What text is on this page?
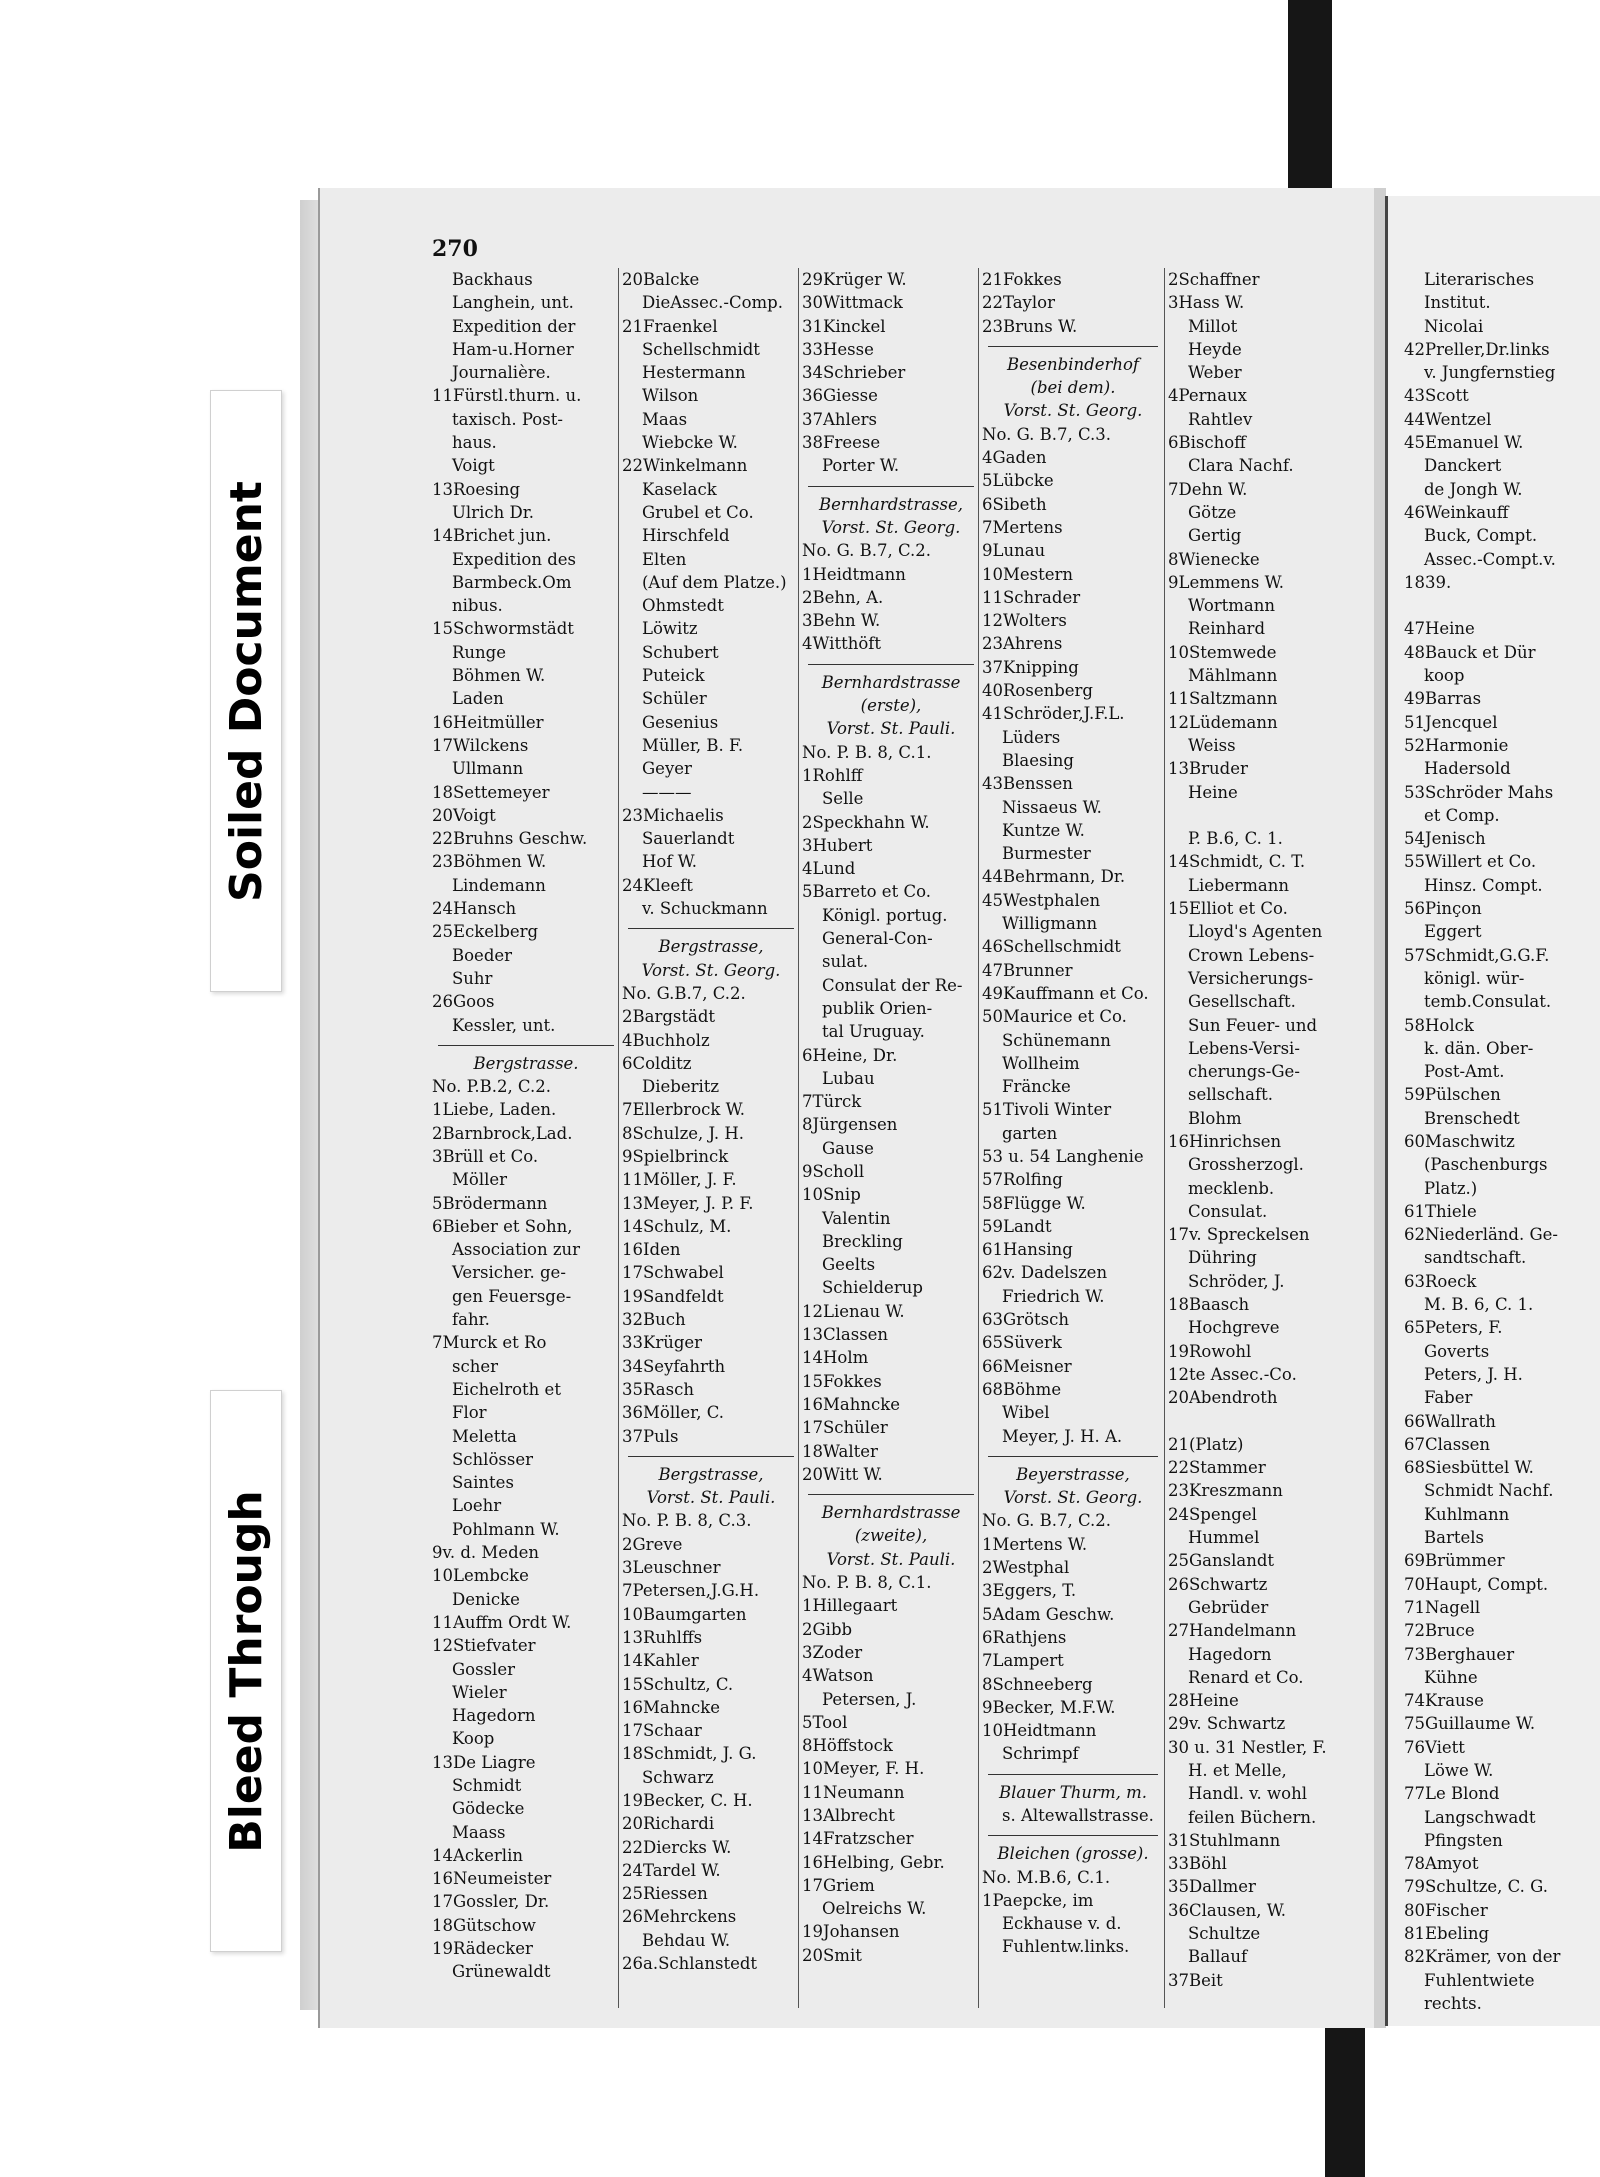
Soiled Document
Bleed Through
270
Backhaus
Langhein, unt.
Expedition der
Ham-u.Horner
Journalière.
11Fürstl.thurn. u.
taxisch. Post-
haus.
Voigt
13Roesing
Ulrich Dr.
14Brichet jun.
Expedition des
Barmbeck.Om
nibus.
15Schwormstädt
Runge
Böhmen W.
Laden
16Heitmüller
17Wilckens
Ullmann
18Settemeyer
20Voigt
22Bruhns Geschw.
23Böhmen W.
Lindemann
24Hansch
25Eckelberg
Boeder
Suhr
26Goos
Kessler, unt.
Bergstrasse.
No. P.B.2, C.2.
1Liebe, Laden.
2Barnbrock,Lad.
3Brüll et Co.
Möller
5Brödermann
6Bieber et Sohn,
Association zur
Versicher. ge-
gen Feuersge-
fahr.
7Murck et Ro
scher
Eichelroth et
Flor
Meletta
Schlösser
Saintes
Loehr
Pohlmann W.
9v. d. Meden
10Lembcke
Denicke
11Auffm Ordt W.
12Stiefvater
Gossler
Wieler
Hagedorn
Koop
13De Liagre
Schmidt
Gödecke
Maass
14Ackerlin
16Neumeister
17Gossler, Dr.
18Gütschow
19Rädecker
Grünewaldt
20Balcke
DieAssec.-Comp.
21Fraenkel
Schellschmidt
Hestermann
Wilson
Maas
Wiebcke W.
22Winkelmann
Kaselack
Grubel et Co.
Hirschfeld
Elten
(Auf dem Platze.)
Ohmstedt
Löwitz
Schubert
Puteick
Schüler
Gesenius
Müller, B. F.
Geyer
———
23Michaelis
Sauerlandt
Hof W.
24Kleeft
v. Schuckmann
Bergstrasse,
Vorst. St. Georg.
No. G.B.7, C.2.
2Bargstädt
4Buchholz
6Colditz
Dieberitz
7Ellerbrock W.
8Schulze, J. H.
9Spielbrinck
11Möller, J. F.
13Meyer, J. P. F.
14Schulz, M.
16Iden
17Schwabel
19Sandfeldt
32Buch
33Krüger
34Seyfahrth
35Rasch
36Möller, C.
37Puls
Bergstrasse,
Vorst. St. Pauli.
No. P. B. 8, C.3.
2Greve
3Leuschner
7Petersen,J.G.H.
10Baumgarten
13Ruhlffs
14Kahler
15Schultz, C.
16Mahncke
17Schaar
18Schmidt, J. G.
Schwarz
19Becker, C. H.
20Richardi
22Diercks W.
24Tardel W.
25Riessen
26Mehrckens
Behdau W.
26a.Schlanstedt
29Krüger W.
30Wittmack
31Kinckel
33Hesse
34Schrieber
36Giesse
37Ahlers
38Freese
Porter W.
Bernhardstrasse,
Vorst. St. Georg.
No. G. B.7, C.2.
1Heidtmann
2Behn, A.
3Behn W.
4Witthöft
Bernhardstrasse
(erste),
Vorst. St. Pauli.
No. P. B. 8, C.1.
1Rohlff
Selle
2Speckhahn W.
3Hubert
4Lund
5Barreto et Co.
Königl. portug.
General-Con-
sulat.
Consulat der Re-
publik Orien-
tal Uruguay.
6Heine, Dr.
Lubau
7Türck
8Jürgensen
Gause
9Scholl
10Snip
Valentin
Breckling
Geelts
Schielderup
12Lienau W.
13Classen
14Holm
15Fokkes
16Mahncke
17Schüler
18Walter
20Witt W.
Bernhardstrasse
(zweite),
Vorst. St. Pauli.
No. P. B. 8, C.1.
1Hillegaart
2Gibb
3Zoder
4Watson
Petersen, J.
5Tool
8Höffstock
10Meyer, F. H.
11Neumann
13Albrecht
14Fratzscher
16Helbing, Gebr.
17Griem
Oelreichs W.
19Johansen
20Smit
21Fokkes
22Taylor
23Bruns W.
Besenbinderhof
(bei dem).
Vorst. St. Georg.
No. G. B.7, C.3.
4Gaden
5Lübcke
6Sibeth
7Mertens
9Lunau
10Mestern
11Schrader
12Wolters
23Ahrens
37Knipping
40Rosenberg
41Schröder,J.F.L.
Lüders
Blaesing
43Benssen
Nissaeus W.
Kuntze W.
Burmester
44Behrmann, Dr.
45Westphalen
Willigmann
46Schellschmidt
47Brunner
49Kauffmann et Co.
50Maurice et Co.
Schünemann
Wollheim
Fräncke
51Tivoli Winter
garten
53 u. 54 Langhenie
57Rolfing
58Flügge W.
59Landt
61Hansing
62v. Dadelszen
Friedrich W.
63Grötsch
65Süverk
66Meisner
68Böhme
Wibel
Meyer, J. H. A.
Beyerstrasse,
Vorst. St. Georg.
No. G. B.7, C.2.
1Mertens W.
2Westphal
3Eggers, T.
5Adam Geschw.
6Rathjens
7Lampert
8Schneeberg
9Becker, M.F.W.
10Heidtmann
Schrimpf
Blauer Thurm, m.
s. Altewallstrasse.
Bleichen (grosse).
No. M.B.6, C.1.
1Paepcke, im
Eckhause v. d.
Fuhlentw.links.
2Schaffner
3Hass W.
Millot
Heyde
Weber
4Pernaux
Rahtlev
6Bischoff
Clara Nachf.
7Dehn W.
Götze
Gertig
8Wienecke
9Lemmens W.
Wortmann
Reinhard
10Stemwede
Mählmann
11Saltzmann
12Lüdemann
Weiss
13Bruder
Heine

P. B.6, C. 1.
14Schmidt, C. T.
Liebermann
15Elliot et Co.
Lloyd's Agenten
Crown Lebens-
Versicherungs-
Gesellschaft.
Sun Feuer- und
Lebens-Versi-
cherungs-Ge-
sellschaft.
Blohm
16Hinrichsen
Grossherzogl.
mecklenb.
Consulat.
17v. Spreckelsen
Dühring
Schröder, J.
18Baasch
Hochgreve
19Rowohl
12te Assec.-Co.
20Abendroth

21(Platz)
22Stammer
23Kreszmann
24Spengel
Hummel
25Ganslandt
26Schwartz
Gebrüder
27Handelmann
Hagedorn
Renard et Co.
28Heine
29v. Schwartz
30 u. 31 Nestler, F.
H. et Melle,
Handl. v. wohl
feilen Büchern.
31Stuhlmann
33Böhl
35Dallmer
36Clausen, W.
Schultze
Ballauf
37Beit
Literarisches
Institut.
Nicolai
42Preller,Dr.links
v. Jungfernstieg
43Scott
44Wentzel
45Emanuel W.
Danckert
de Jongh W.
46Weinkauff
Buck, Compt.
Assec.-Compt.v.
1839.

47Heine
48Bauck et Dür
koop
49Barras
51Jencquel
52Harmonie
Hadersold
53Schröder Mahs
et Comp.
54Jenisch
55Willert et Co.
Hinsz. Compt.
56Pinçon
Eggert
57Schmidt,G.G.F.
königl. wür-
temb.Consulat.
58Holck
k. dän. Ober-
Post-Amt.
59Pülschen
Brenschedt
60Maschwitz
(Paschenburgs
Platz.)
61Thiele
62Niederländ. Ge-
sandtschaft.
63Roeck
M. B. 6, C. 1.
65Peters, F.
Goverts
Peters, J. H.
Faber
66Wallrath
67Classen
68Siesbüttel W.
Schmidt Nachf.
Kuhlmann
Bartels
69Brümmer
70Haupt, Compt.
71Nagell
72Bruce
73Berghauer
Kühne
74Krause
75Guillaume W.
76Viett
Löwe W.
77Le Blond
Langschwadt
Pfingsten
78Amyot
79Schultze, C. G.
80Fischer
81Ebeling
82Krämer, von der
Fuhlentwiete
rechts.
